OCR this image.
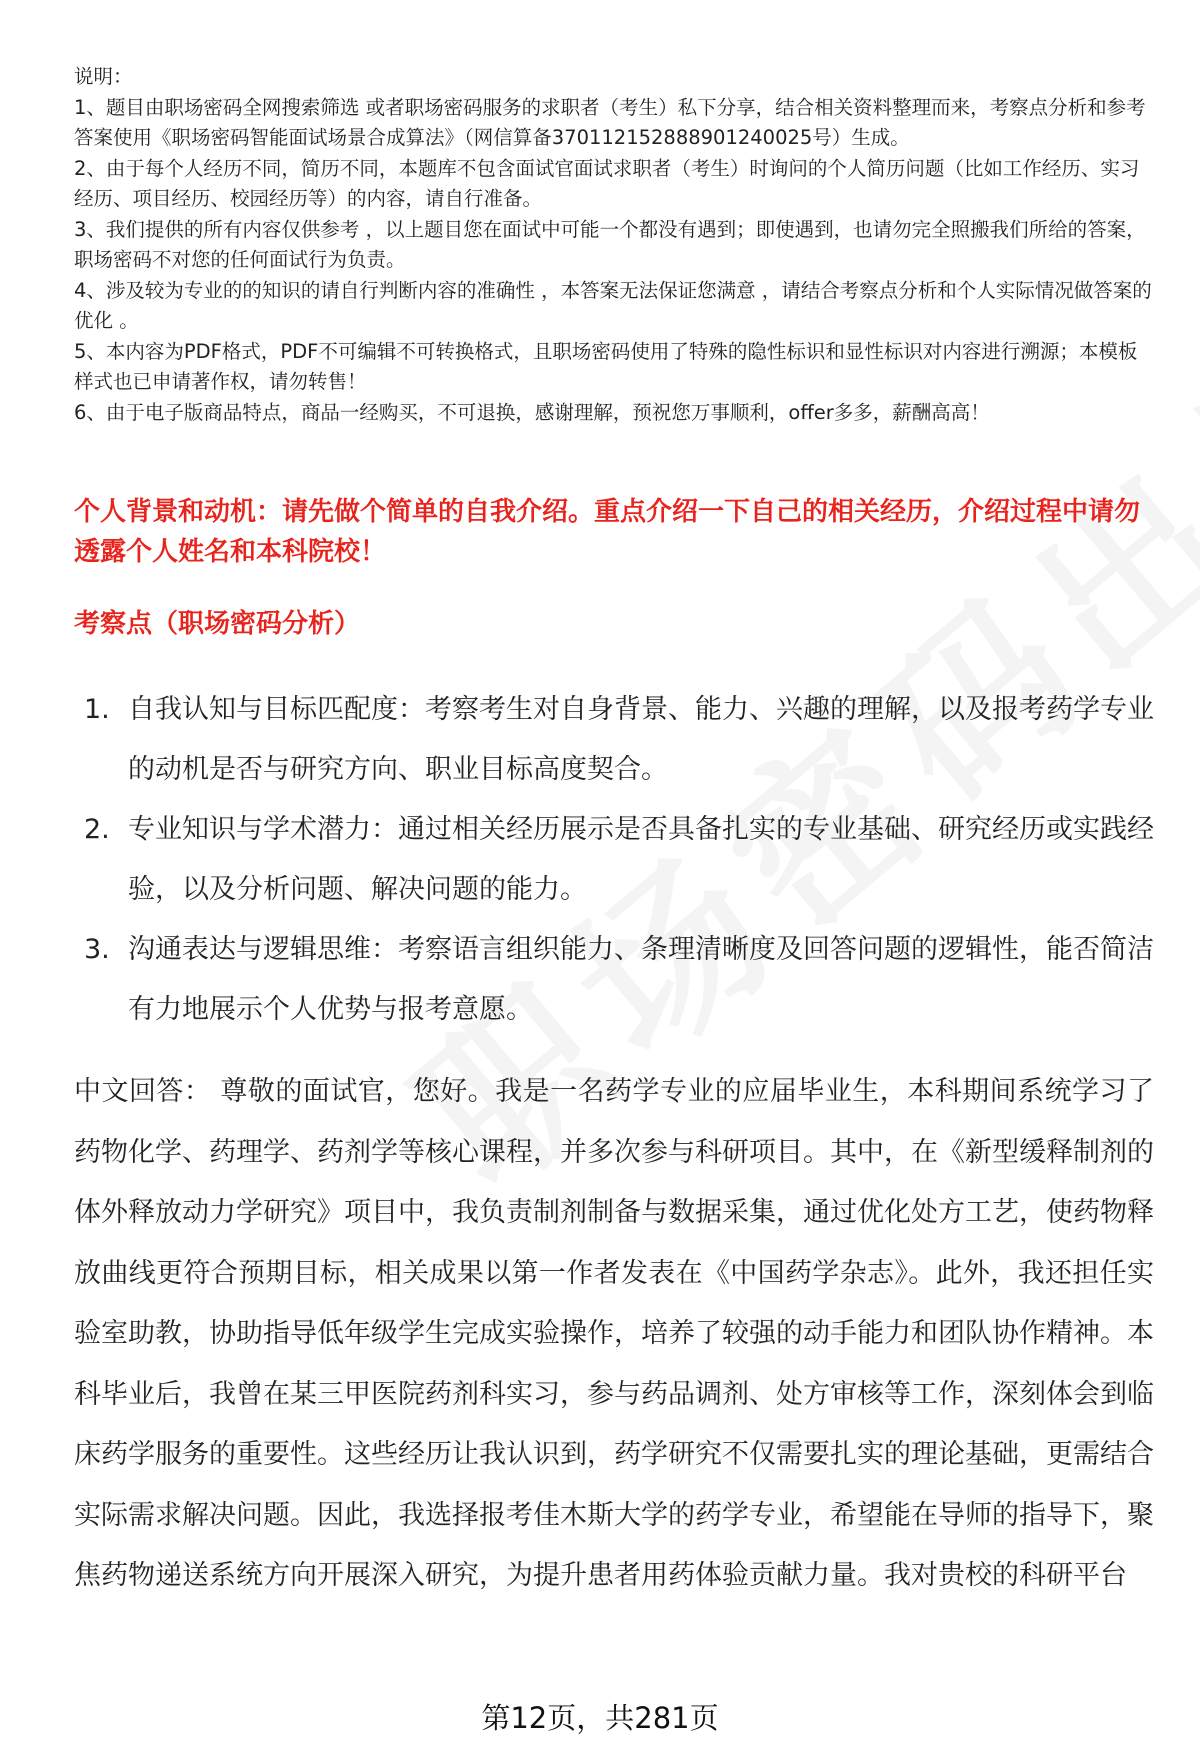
说明：

1、题目由职场密码全网搜索筛选 或者职场密码服务的求职者（考生）私下分享，结合相关资料整理而来，考察点分析和参考答案使用《职场密码智能面试场景合成算法》（网信算备370112152888901240025号）生成。

2、由于每个人经历不同，简历不同，本题库不包含面试官面试求职者（考生）时询问的个人简历问题（比如工作经历、实习经历、项目经历、校园经历等）的内容，请自行准备。

3、我们提供的所有内容仅供参考 ，以上题目您在面试中可能一个都没有遇到；即使遇到，也请勿完全照搬我们所给的答案，职场密码不对您的任何面试行为负责。

4、涉及较为专业的的知识的请自行判断内容的准确性 ，本答案无法保证您满意 ，请结合考察点分析和个人实际情况做答案的优化 。

5、本内容为PDF格式，PDF不可编辑不可转换格式，且职场密码使用了特殊的隐性标识和显性标识对内容进行溯源；本模板样式也已申请著作权，请勿转售！

6、由于电子版商品特点，商品一经购买，不可退换，感谢理解，预祝您万事顺利，offer多多，薪酬高高！

个人背景和动机：请先做个简单的自我介绍。重点介绍一下自己的相关经历，介绍过程中请勿透露个人姓名和本科院校！
考察点（职场密码分析）
1. 自我认知与目标匹配度：考察考生对自身背景、能力、兴趣的理解，以及报考药学专业的动机是否与研究方向、职业目标高度契合。
2. 专业知识与学术潜力：通过相关经历展示是否具备扎实的专业基础、研究经历或实践经验，以及分析问题、解决问题的能力。
3. 沟通表达与逻辑思维：考察语言组织能力、条理清晰度及回答问题的逻辑性，能否简洁有力地展示个人优势与报考意愿。

中文回答： 尊敬的面试官，您好。我是一名药学专业的应届毕业生，本科期间系统学习了药物化学、药理学、药剂学等核心课程，并多次参与科研项目。其中，在《新型缓释制剂的体外释放动力学研究》项目中，我负责制剂制备与数据采集，通过优化处方工艺，使药物释放曲线更符合预期目标，相关成果以第一作者发表在《中国药学杂志》。此外，我还担任实验室助教，协助指导低年级学生完成实验操作，培养了较强的动手能力和团队协作精神。本科毕业后，我曾在某三甲医院药剂科实习，参与药品调剂、处方审核等工作，深刻体会到临床药学服务的重要性。这些经历让我认识到，药学研究不仅需要扎实的理论基础，更需结合实际需求解决问题。因此，我选择报考佳木斯大学的药学专业，希望能在导师的指导下，聚焦药物递送系统方向开展深入研究，为提升患者用药体验贡献力量。我对贵校的科研平台

第12页，共281页
